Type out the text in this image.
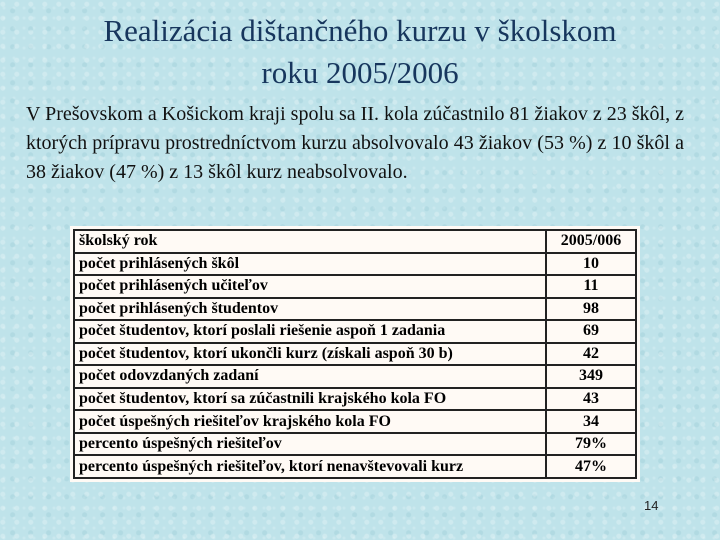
Realizácia dištančného kurzu v školskom
roku 2005/2006

V Prešovskom a Košickom kraji spolu sa II. kola zúčastnilo 81 žiakov z 23 škôl, z ktorých prípravu prostredníctvom kurzu absolvovalo 43 žiakov (53 %) z 10 škôl a 38 žiakov (47 %) z 13 škôl kurz neabsolvovalo.

školský rok	2005/006
počet prihlásených škôl	10
počet prihlásených učiteľov	11
počet prihlásených študentov	98
počet študentov, ktorí poslali riešenie aspoň 1 zadania	69
počet študentov, ktorí ukončli kurz (získali aspoň 30 b)	42
počet odovzdaných zadaní	349
počet študentov, ktorí sa zúčastnili krajského kola FO	43
počet úspešných riešiteľov krajského kola FO	34
percento úspešných riešiteľov	79%
percento úspešných riešiteľov, ktorí nenavštevovali kurz	47%
14
